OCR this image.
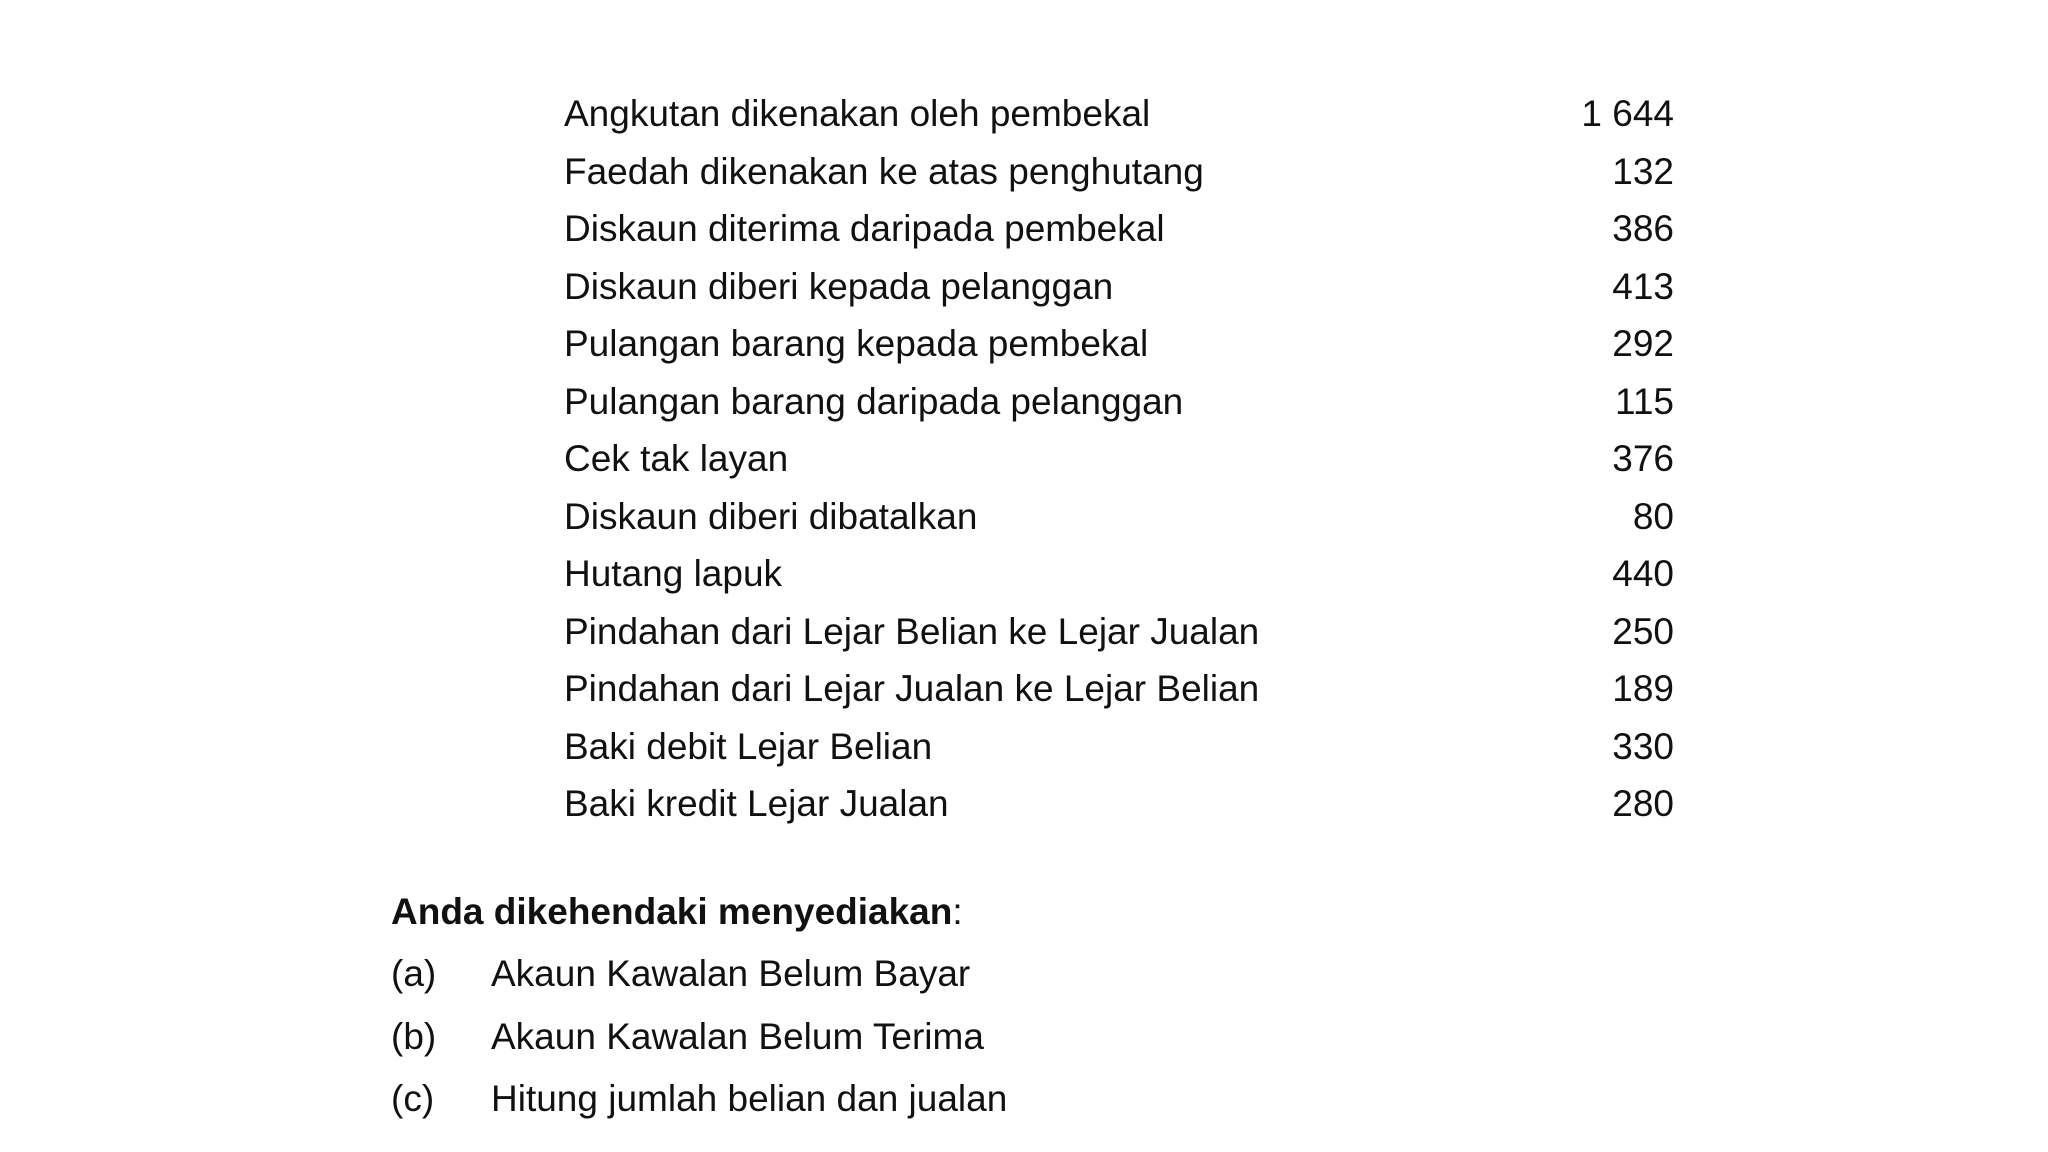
Angkutan dikenakan oleh pembekal	1 644
Faedah dikenakan ke atas penghutang	132
Diskaun diterima daripada pembekal	386
Diskaun diberi kepada pelanggan	413
Pulangan barang kepada pembekal	292
Pulangan barang daripada pelanggan	115
Cek tak layan	376
Diskaun diberi dibatalkan	80
Hutang lapuk	440
Pindahan dari Lejar Belian ke Lejar Jualan	250
Pindahan dari Lejar Jualan ke Lejar Belian	189
Baki debit Lejar Belian	330
Baki kredit Lejar Jualan	280
Anda dikehendaki menyediakan:
(a) Akaun Kawalan Belum Bayar
(b) Akaun Kawalan Belum Terima
(c) Hitung jumlah belian dan jualan
